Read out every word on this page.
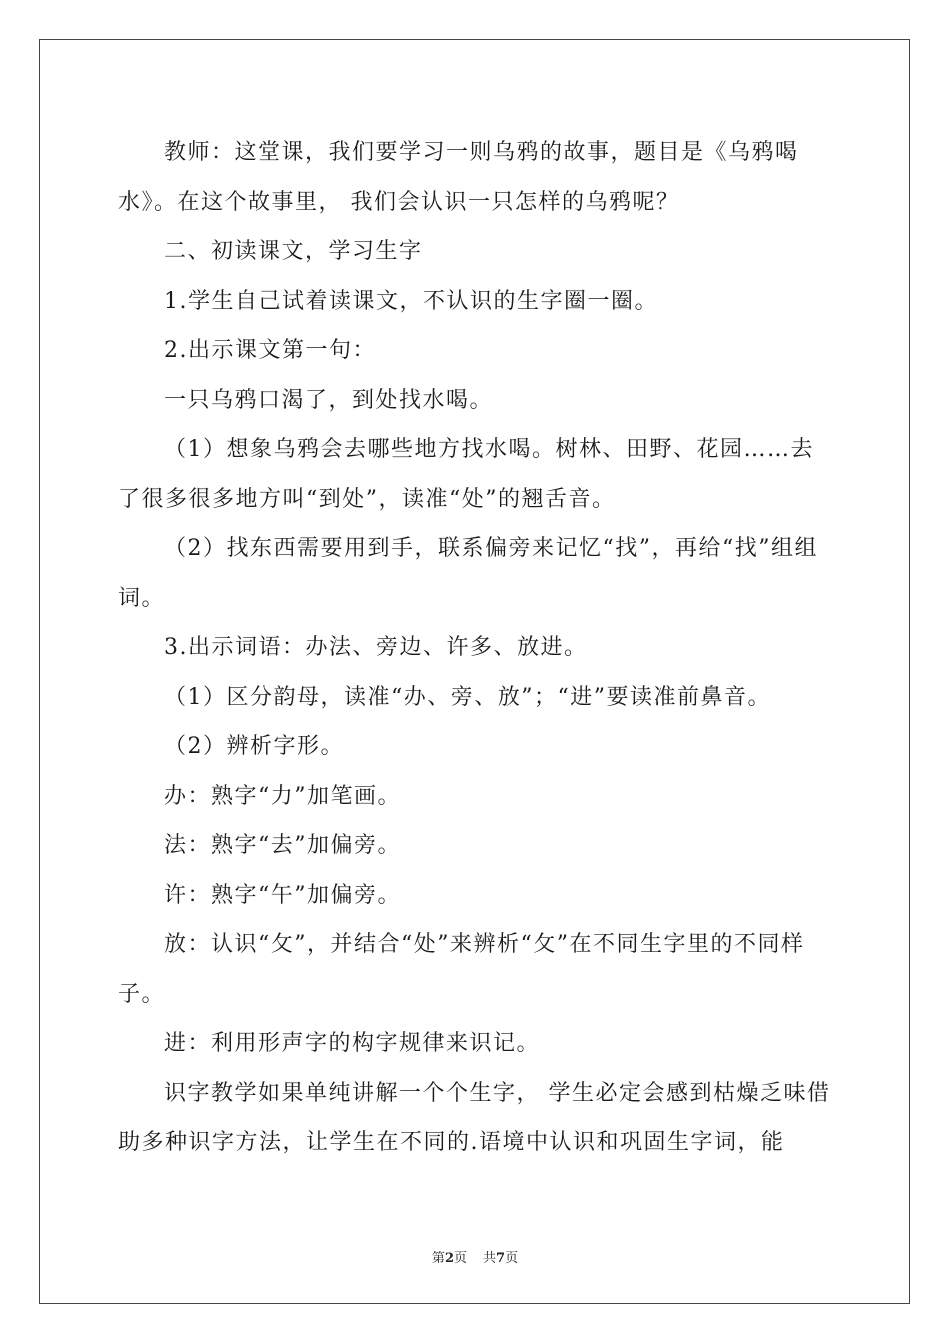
教师：这堂课，我们要学习一则乌鸦的故事，题目是《乌鸦喝水》。在这个故事里， 我们会认识一只怎样的乌鸦呢？

二、初读课文，学习生字

1.学生自己试着读课文，不认识的生字圈一圈。

2.出示课文第一句：

一只乌鸦口渴了，到处找水喝。

（1）想象乌鸦会去哪些地方找水喝。树林、田野、花园……去了很多很多地方叫“到处”，读准“处”的翘舌音。

（2）找东西需要用到手，联系偏旁来记忆“找”，再给“找”组组词。

3.出示词语：办法、旁边、许多、放进。

（1）区分韵母，读准“办、旁、放”；“进”要读准前鼻音。

（2）辨析字形。

办：熟字“力”加笔画。

法：熟字“去”加偏旁。

许：熟字“午”加偏旁。

放：认识“攵”，并结合“处”来辨析“攵”在不同生字里的不同样子。

进：利用形声字的构字规律来识记。

识字教学如果单纯讲解一个个生字， 学生必定会感到枯燥乏味借助多种识字方法，让学生在不同的.语境中认识和巩固生字词，能

第2页 共7页
